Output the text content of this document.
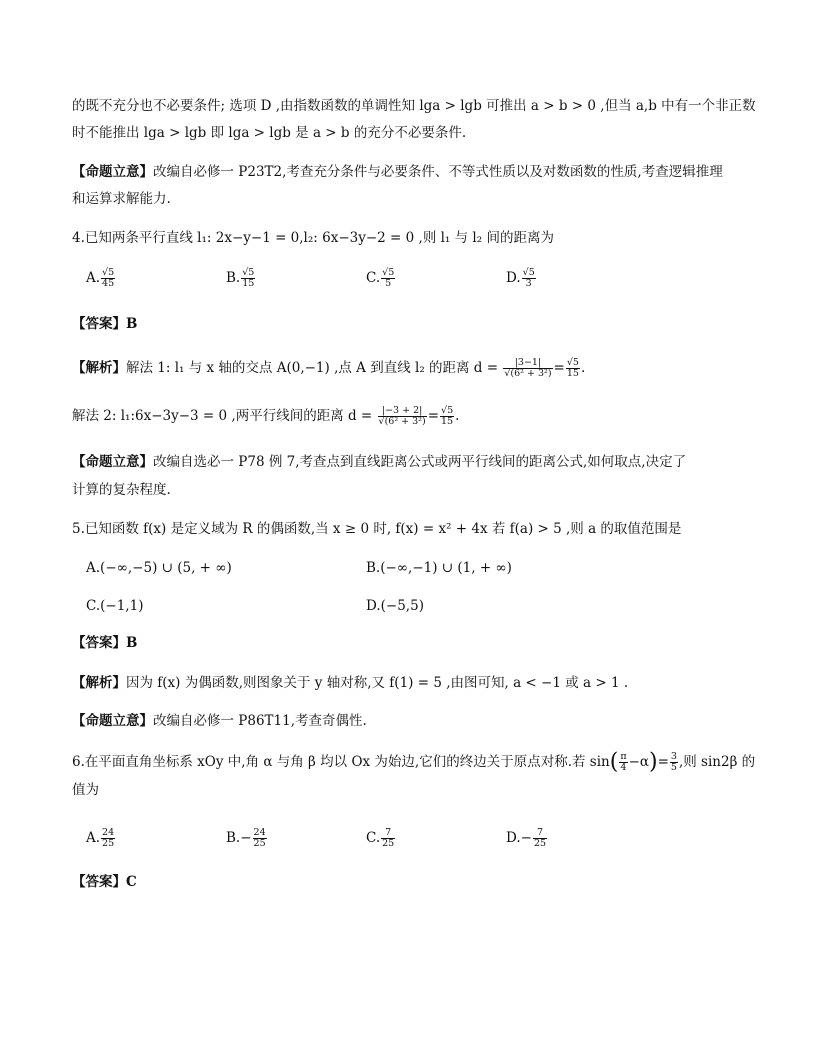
的既不充分也不必要条件; 选项 D ,由指数函数的单调性知 lga > lgb 可推出 a > b > 0 ,但当 a,b 中有一个非正数
时不能推出 lga > lgb 即 lga > lgb 是 a > b 的充分不必要条件.
【命题立意】改编自必修一 P23T2,考查充分条件与必要条件、不等式性质以及对数函数的性质,考查逻辑推理
和运算求解能力.
4.已知两条平行直线 l₁: 2x−y−1 = 0,l₂: 6x−3y−2 = 0 ,则 l₁ 与 l₂ 间的距离为
A. $\frac{√5}{45}$	B. $\frac{√5}{15}$	C. $\frac{√5}{5}$	D. $\frac{√5}{3}$
【答案】B
【解析】解法 1: l₁ 与 x 轴的交点 A(0,−1) ,点 A 到直线 l₂ 的距离 $d = \frac{|3-1|}{\text{√(6² + 3²)}} = \frac{√5}{15}$ .
解法 2: l₁:6x−3y−3 = 0 ,两平行线间的距离 $d = \frac{|-3 + 2|}{\text{√(6² + 3²)}} = \frac{√5}{15}$ .
【命题立意】改编自选必一 P78 例 7,考查点到直线距离公式或两平行线间的距离公式,如何取点,决定了
计算的复杂程度.
5.已知函数 f(x) 是定义域为 R 的偶函数,当 x ≥ 0 时, f(x) = x² + 4x 若 f(a) > 5 ,则 a 的取值范围是
A.(−∞,−5) ∪ (5, + ∞)	B.(−∞,−1) ∪ (1, + ∞)
C.(−1,1)	D.(−5,5)
【答案】B
【解析】因为 f(x) 为偶函数,则图象关于 y 轴对称,又 f(1) = 5 ,由图可知, a < −1 或 a > 1 .
【命题立意】改编自必修一 P86T11,考查奇偶性.
6.在平面直角坐标系 xOy 中,角 α 与角 β 均以 Ox 为始边,它们的终边关于原点对称.若 $\sin( \frac{\pi}{4} -\alpha)= \frac{3}{5}$ ,则 sin2β 的
值为
A. $\frac{24}{25}$	$B.- \frac{24}{25}$	C. $\frac{7}{25}$	$D.- \frac{7}{25}$
【答案】C
